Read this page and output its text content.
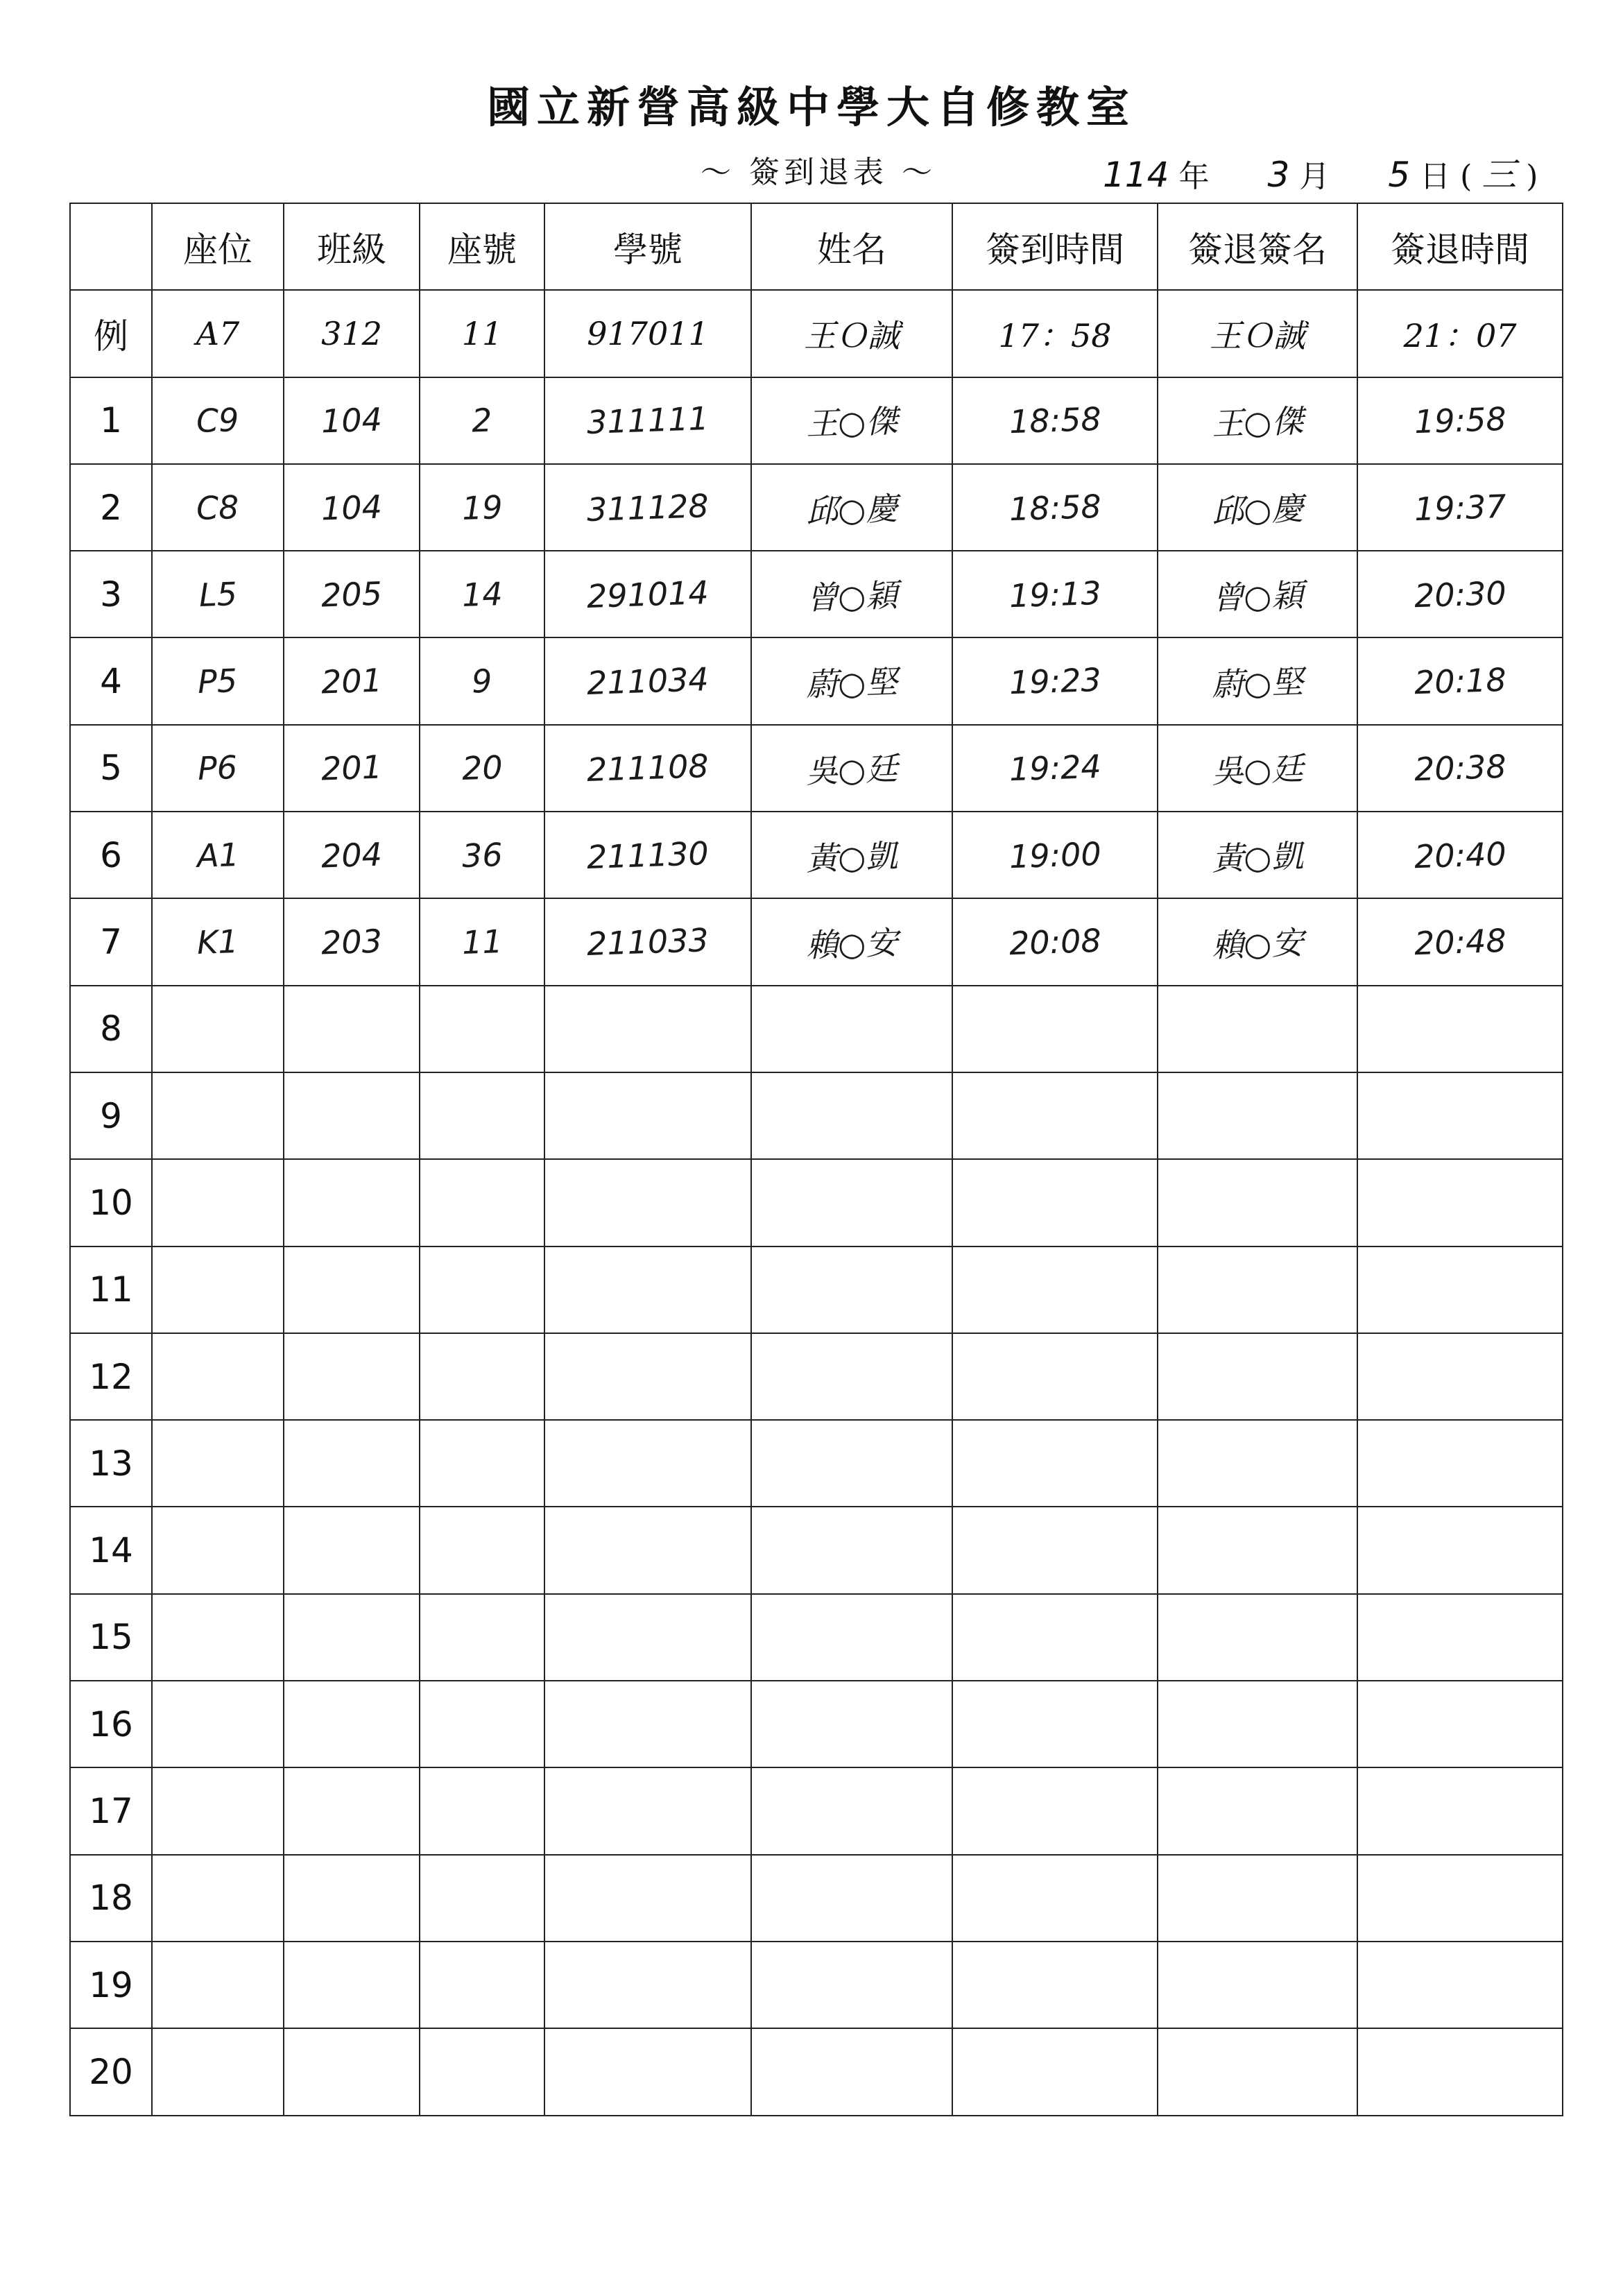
國立新營高級中學大自修教室
〜 簽到退表 〜	114 年 3 月 5 日 ( 三 )
	座位	班級	座號	學號	姓名	簽到時間	簽退簽名	簽退時間
例	A7	312	11	917011	王Ｏ誠	17：58	王Ｏ誠	21：07
1	C9	104	2	311111	王○傑	18:58	王○傑	19:58
2	C8	104	19	311128	邱○慶	18:58	邱○慶	19:37
3	L5	205	14	291014	曾○穎	19:13	曾○穎	20:30
4	P5	201	9	211034	蔚○堅	19:23	蔚○堅	20:18
5	P6	201	20	211108	吳○廷	19:24	吳○廷	20:38
6	A1	204	36	211130	黃○凱	19:00	黃○凱	20:40
7	K1	203	11	211033	賴○安	20:08	賴○安	20:48
8								
9								
10								
11								
12								
13								
14								
15								
16								
17								
18								
19								
20								
